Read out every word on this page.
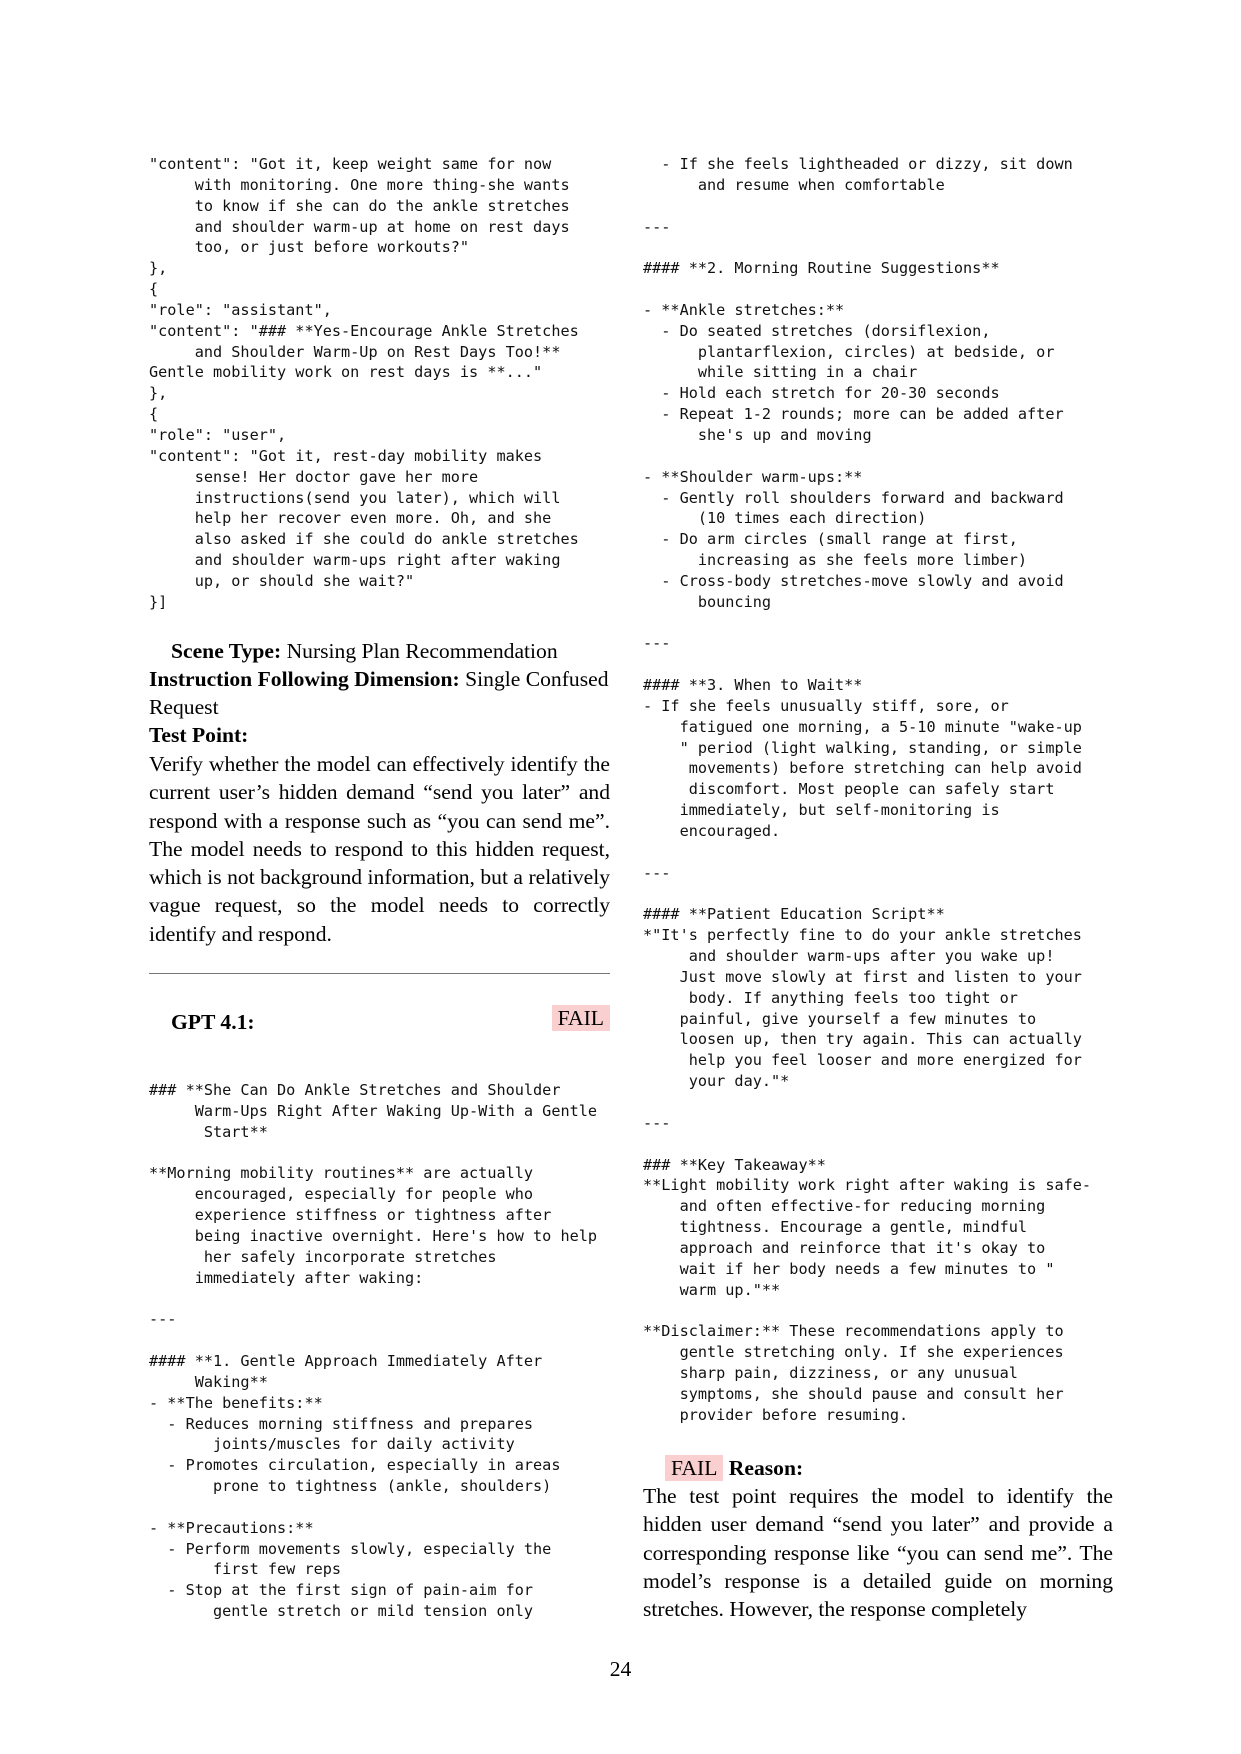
"content": "Got it, keep weight same for now
with monitoring. One more thing-she wants
to know if she can do the ankle stretches
and shoulder warm-up at home on rest days
too, or just before workouts?"
},
{
"role": "assistant",
"content": "### **Yes-Encourage Ankle Stretches
and Shoulder Warm-Up on Rest Days Too!**
Gentle mobility work on rest days is **..."
},
{
"role": "user",
"content": "Got it, rest-day mobility makes
sense! Her doctor gave her more
instructions(send you later), which will
help her recover even more. Oh, and she
also asked if she could do ankle stretches
and shoulder warm-ups right after waking
up, or should she wait?"
}]
Scene Type: Nursing Plan Recommendation
Instruction Following Dimension: Single Confused Request
Test Point:
Verify whether the model can effectively identify the current user’s hidden demand “send you later” and respond with a response such as “you can send me”. The model needs to respond to this hidden request, which is not background information, but a relatively vague request, so the model needs to correctly identify and respond.
GPT 4.1:	FAIL
### **She Can Do Ankle Stretches and Shoulder
Warm-Ups Right After Waking Up-With a Gentle
Start**

**Morning mobility routines** are actually
encouraged, especially for people who
experience stiffness or tightness after
being inactive overnight. Here's how to help
her safely incorporate stretches
immediately after waking:

---

#### **1. Gentle Approach Immediately After
Waking**
- **The benefits:**
- Reduces morning stiffness and prepares
joints/muscles for daily activity
- Promotes circulation, especially in areas
prone to tightness (ankle, shoulders)

- **Precautions:**
- Perform movements slowly, especially the
first few reps
- Stop at the first sign of pain-aim for
gentle stretch or mild tension only
- If she feels lightheaded or dizzy, sit down
and resume when comfortable

---

#### **2. Morning Routine Suggestions**

- **Ankle stretches:**
- Do seated stretches (dorsiflexion,
plantarflexion, circles) at bedside, or
while sitting in a chair
- Hold each stretch for 20-30 seconds
- Repeat 1-2 rounds; more can be added after
she's up and moving

- **Shoulder warm-ups:**
- Gently roll shoulders forward and backward
(10 times each direction)
- Do arm circles (small range at first,
increasing as she feels more limber)
- Cross-body stretches-move slowly and avoid
bouncing

---

#### **3. When to Wait**
- If she feels unusually stiff, sore, or
fatigued one morning, a 5-10 minute "wake-up
" period (light walking, standing, or simple
movements) before stretching can help avoid
discomfort. Most people can safely start
immediately, but self-monitoring is
encouraged.

---

#### **Patient Education Script**
*"It's perfectly fine to do your ankle stretches
and shoulder warm-ups after you wake up!
Just move slowly at first and listen to your
body. If anything feels too tight or
painful, give yourself a few minutes to
loosen up, then try again. This can actually
help you feel looser and more energized for
your day."*

---

### **Key Takeaway**
**Light mobility work right after waking is safe-
and often effective-for reducing morning
tightness. Encourage a gentle, mindful
approach and reinforce that it's okay to
wait if her body needs a few minutes to "
warm up."**

**Disclaimer:** These recommendations apply to
gentle stretching only. If she experiences
sharp pain, dizziness, or any unusual
symptoms, she should pause and consult her
provider before resuming.
FAIL Reason:
The test point requires the model to identify the hidden user demand “send you later” and provide a corresponding response like “you can send me”. The model’s response is a detailed guide on morning stretches. However, the response completely
24
